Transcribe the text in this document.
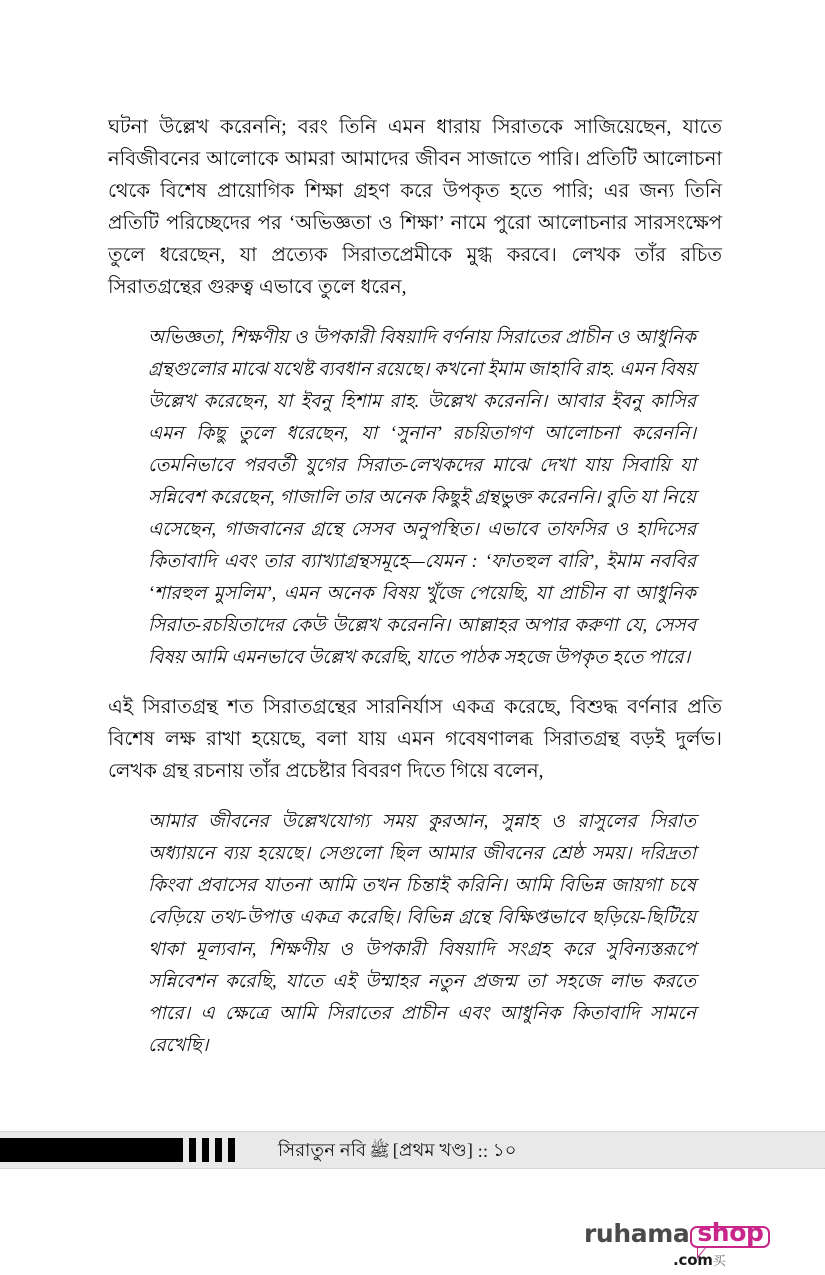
ঘটনা উল্লেখ করেননি; বরং তিনি এমন ধারায় সিরাতকে সাজিয়েছেন, যাতে নবিজীবনের আলোকে আমরা আমাদের জীবন সাজাতে পারি। প্রতিটি আলোচনা থেকে বিশেষ প্রায়োগিক শিক্ষা গ্রহণ করে উপকৃত হতে পারি; এর জন্য তিনি প্রতিটি পরিচ্ছেদের পর ‘অভিজ্ঞতা ও শিক্ষা’ নামে পুরো আলোচনার সারসংক্ষেপ তুলে ধরেছেন, যা প্রত্যেক সিরাতপ্রেমীকে মুগ্ধ করবে। লেখক তাঁর রচিত সিরাতগ্রন্থের গুরুত্ব এভাবে তুলে ধরেন,

অভিজ্ঞতা, শিক্ষণীয় ও উপকারী বিষয়াদি বর্ণনায় সিরাতের প্রাচীন ও আধুনিক গ্রন্থগুলোর মাঝে যথেষ্ট ব্যবধান রয়েছে। কখনো ইমাম জাহাবি রাহ. এমন বিষয় উল্লেখ করেছেন, যা ইবনু হিশাম রাহ. উল্লেখ করেননি। আবার ইবনু কাসির এমন কিছু তুলে ধরেছেন, যা ‘সুনান’ রচয়িতাগণ আলোচনা করেননি। তেমনিভাবে পরবর্তী যুগের সিরাত-লেখকদের মাঝে দেখা যায় সিবায়ি যা সন্নিবেশ করেছেন, গাজালি তার অনেক কিছুই গ্রন্থভুক্ত করেননি। বুতি যা নিয়ে এসেছেন, গাজবানের গ্রন্থে সেসব অনুপস্থিত। এভাবে তাফসির ও হাদিসের কিতাবাদি এবং তার ব্যাখ্যাগ্রন্থসমূহে—যেমন : ‘ফাতহুল বারি’, ইমাম নববির ‘শারহুল মুসলিম’, এমন অনেক বিষয় খুঁজে পেয়েছি, যা প্রাচীন বা আধুনিক সিরাত-রচয়িতাদের কেউ উল্লেখ করেননি। আল্লাহর অপার করুণা যে, সেসব বিষয় আমি এমনভাবে উল্লেখ করেছি, যাতে পাঠক সহজে উপকৃত হতে পারে।

এই সিরাতগ্রন্থ শত সিরাতগ্রন্থের সারনির্যাস একত্র করেছে, বিশুদ্ধ বর্ণনার প্রতি বিশেষ লক্ষ রাখা হয়েছে, বলা যায় এমন গবেষণালব্ধ সিরাতগ্রন্থ বড়ই দুর্লভ। লেখক গ্রন্থ রচনায় তাঁর প্রচেষ্টার বিবরণ দিতে গিয়ে বলেন,

আমার জীবনের উল্লেখযোগ্য সময় কুরআন, সুন্নাহ ও রাসুলের সিরাত অধ্যায়নে ব্যয় হয়েছে। সেগুলো ছিল আমার জীবনের শ্রেষ্ঠ সময়। দরিদ্রতা কিংবা প্রবাসের যাতনা আমি তখন চিন্তাই করিনি। আমি বিভিন্ন জায়গা চষে বেড়িয়ে তথ্য-উপাত্ত একত্র করেছি। বিভিন্ন গ্রন্থে বিক্ষিপ্তভাবে ছড়িয়ে-ছিটিয়ে থাকা মূল্যবান, শিক্ষণীয় ও উপকারী বিষয়াদি সংগ্রহ করে সুবিন্যস্তরূপে সন্নিবেশন করেছি, যাতে এই উম্মাহর নতুন প্রজন্ম তা সহজে লাভ করতে পারে। এ ক্ষেত্রে আমি সিরাতের প্রাচীন এবং আধুনিক কিতাবাদি সামনে রেখেছি।

সিরাতুন নবি ﷺ [প্রথম খণ্ড]
::
১০
ruhama shop
.com买
